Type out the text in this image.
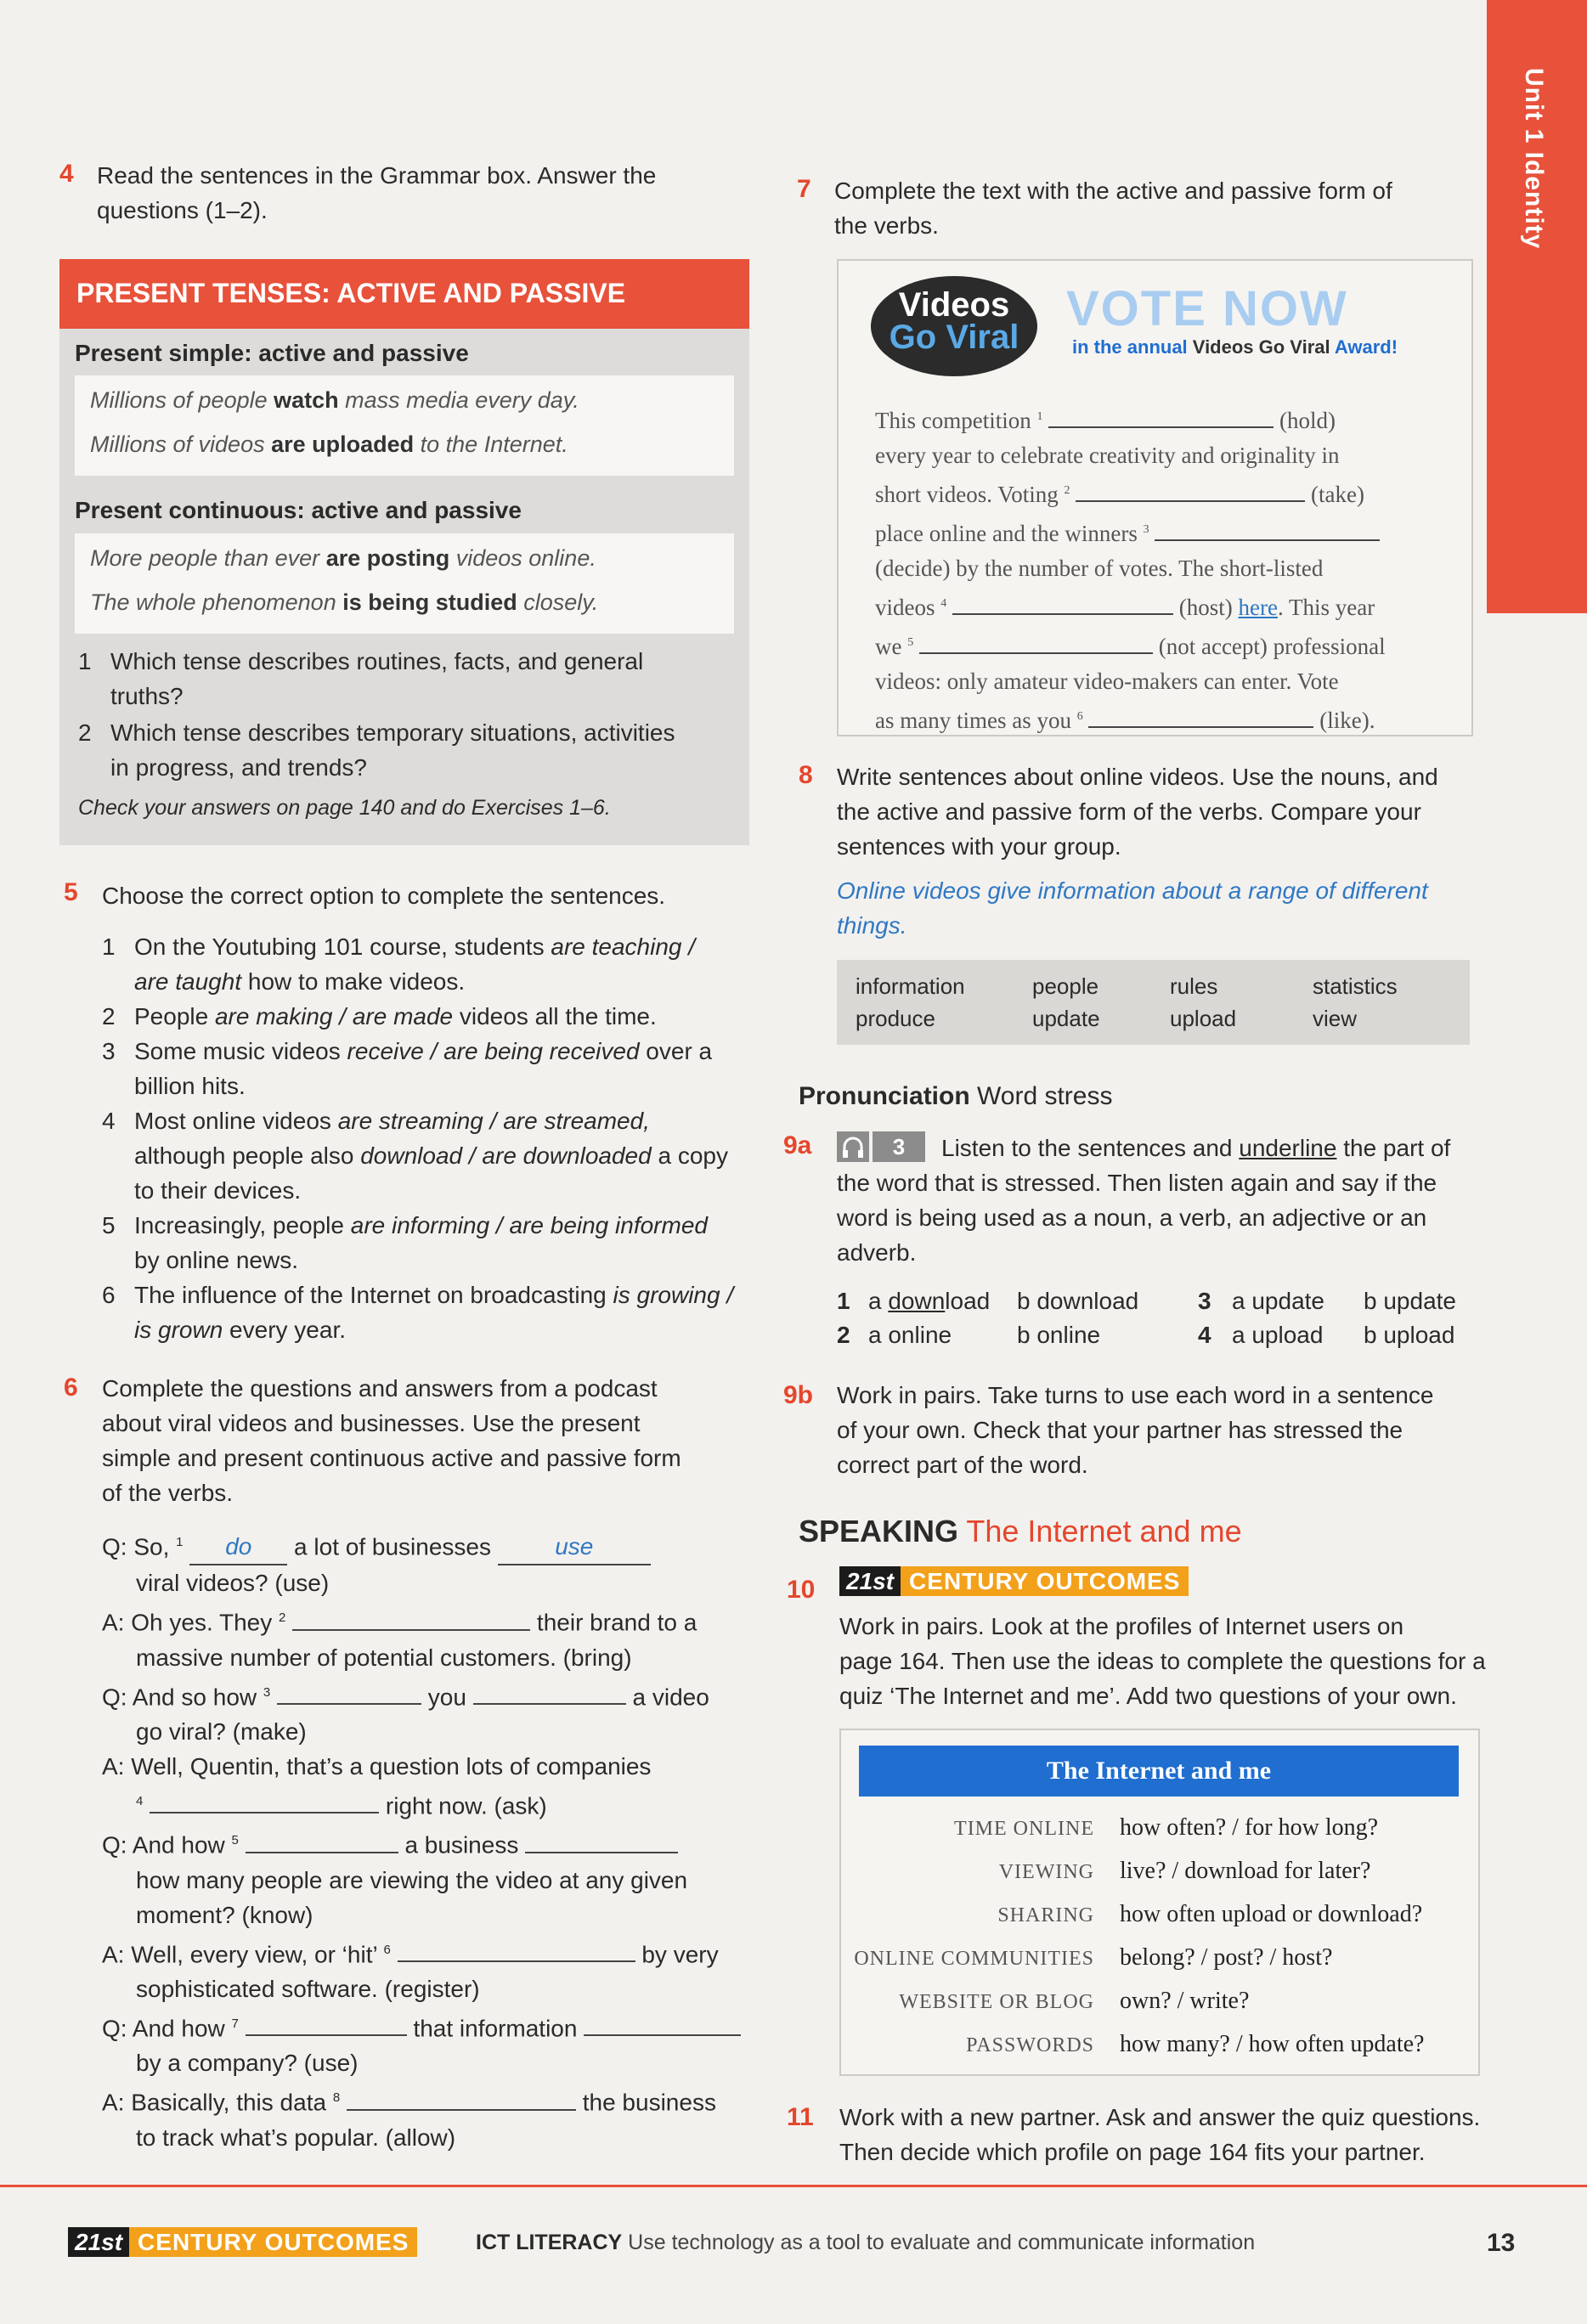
Unit 1 Identity
4 Read the sentences in the Grammar box. Answer the
questions (1–2).
PRESENT TENSES: ACTIVE AND PASSIVE
Present simple: active and passive
Millions of people watch mass media every day.
Millions of videos are uploaded to the Internet.
Present continuous: active and passive
More people than ever are posting videos online.
The whole phenomenon is being studied closely.
1 Which tense describes routines, facts, and general
truths?
2 Which tense describes temporary situations, activities
in progress, and trends?
Check your answers on page 140 and do Exercises 1–6.
5 Choose the correct option to complete the sentences.
1 On the Youtubing 101 course, students are teaching /
are taught how to make videos.
2 People are making / are made videos all the time.
3 Some music videos receive / are being received over a
billion hits.
4 Most online videos are streaming / are streamed,
although people also download / are downloaded a copy
to their devices.
5 Increasingly, people are informing / are being informed
by online news.
6 The influence of the Internet on broadcasting is growing /
is grown every year.
6 Complete the questions and answers from a podcast
about viral videos and businesses. Use the present
simple and present continuous active and passive form
of the verbs.
Q: So, $^1$ do a lot of businesses use
viral videos? (use)
A: Oh yes. They $^2$	their brand to a
massive number of potential customers. (bring)
Q: And so how $^3$	you	a video
go viral? (make)
A: Well, Quentin, that’s a question lots of companies
$^4$	right now. (ask)
Q: And how $^5$	a business
how many people are viewing the video at any given
moment? (know)
A: Well, every view, or ‘hit’ $^6$	by very
sophisticated software. (register)
Q: And how $^7$	that information
by a company? (use)
A: Basically, this data $^8$	the business
to track what’s popular. (allow)
7 Complete the text with the active and passive form of
the verbs.
Videos
Go Viral
VOTE NOW
in the annual Videos Go Viral Award!
This competition $^1$	(hold)
every year to celebrate creativity and originality in
short videos. Voting $^2$	(take)
place online and the winners $^3$
(decide) by the number of votes. The short-listed
videos $^4$	(host) here. This year
we $^5$	(not accept) professional
videos: only amateur video-makers can enter. Vote
as many times as you $^6$	(like).
8 Write sentences about online videos. Use the nouns, and
the active and passive form of the verbs. Compare your
sentences with your group.
Online videos give information about a range of different
things.
information	people	rules	statistics
produce	update	upload	view
Pronunciation Word stress
9a	3	Listen to the sentences and underline the part of
the word that is stressed. Then listen again and say if the
word is being used as a noun, a verb, an adjective or an
adverb.
1 a download b download 3 a update b update
2 a online	b online	4 a upload b upload
9b Work in pairs. Take turns to use each word in a sentence
of your own. Check that your partner has stressed the
correct part of the word.
SPEAKING The Internet and me
10 21st CENTURY OUTCOMES
Work in pairs. Look at the profiles of Internet users on
page 164. Then use the ideas to complete the questions for a
quiz ‘The Internet and me’. Add two questions of your own.
The Internet and me
TIME ONLINE how often? / for how long?
VIEWING live? / download for later?
SHARING how often upload or download?
ONLINE COMMUNITIES belong? / post? / host?
WEBSITE OR BLOG own? / write?
PASSWORDS how many? / how often update?
11 Work with a new partner. Ask and answer the quiz questions.
Then decide which profile on page 164 fits your partner.
21st CENTURY OUTCOMES	ICT LITERACY Use technology as a tool to evaluate and communicate information	13
